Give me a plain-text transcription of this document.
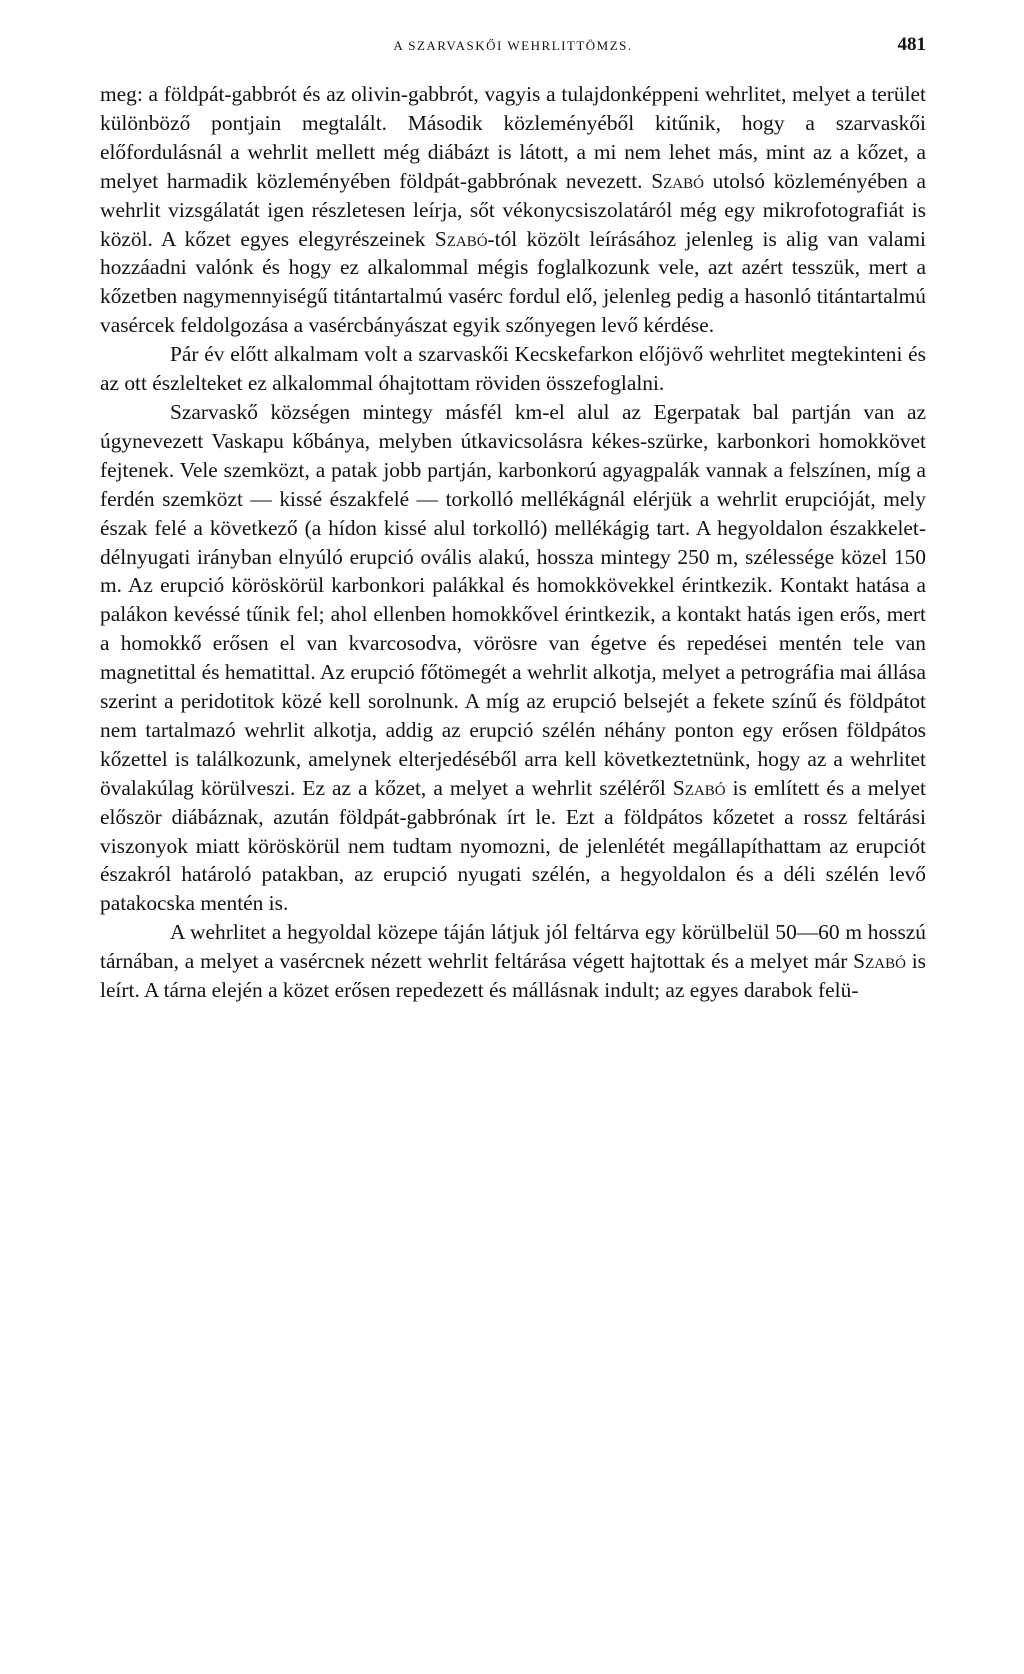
A SZARVASKŐI WEHRLITTÖMZS.	481

meg: a földpát-gabbrót és az olivin-gabbrót, vagyis a tulajdonképpeni wehrlitet, melyet a terület különböző pontjain megtalált. Második közleményéből kitűnik, hogy a szarvaskői előfordulásnál a wehrlit mellett még diábázt is látott, a mi nem lehet más, mint az a kőzet, a melyet harmadik közleményében földpát-gabbrónak nevezett. Szabó utolsó közleményében a wehrlit vizsgálatát igen részletesen leírja, sőt vékonycsiszolatáról még egy mikrofotografiát is közöl. A kőzet egyes elegyrészeinek Szabó-tól közölt leírásához jelenleg is alig van valami hozzáadni valónk és hogy ez alkalommal mégis foglalkozunk vele, azt azért tesszük, mert a kőzetben nagymennyiségű titántartalmú vasérc fordul elő, jelenleg pedig a hasonló titántartalmú vasércek feldolgozása a vasércbányászat egyik szőnyegen levő kérdése.

Pár év előtt alkalmam volt a szarvaskői Kecskefarkon előjövő wehrlitet megtekinteni és az ott észlelteket ez alkalommal óhajtottam röviden összefoglalni.

Szarvaskő községen mintegy másfél km-el alul az Egerpatak bal partján van az úgynevezett Vaskapu kőbánya, melyben útkavicsolásra kékes-szürke, karbonkori homokkövet fejtenek. Vele szemközt, a patak jobb partján, karbonkorú agyagpalák vannak a felszínen, míg a ferdén szemközt — kissé északfelé — torkolló mellékágnál elérjük a wehrlit erupcióját, mely észak felé a következő (a hídon kissé alul torkolló) mellékágig tart. A hegyoldalon északkelet-délnyugati irányban elnyúló erupció ovális alakú, hossza mintegy 250 m, szélessége közel 150 m. Az erupció köröskörül karbonkori palákkal és homokkövekkel érintkezik. Kontakt hatása a palákon kevéssé tűnik fel; ahol ellenben homokkővel érintkezik, a kontakt hatás igen erős, mert a homokkő erősen el van kvarcosodva, vörösre van égetve és repedései mentén tele van magnetittal és hematittal. Az erupció főtömegét a wehrlit alkotja, melyet a petrográfia mai állása szerint a peridotitok közé kell sorolnunk. A míg az erupció belsejét a fekete színű és földpátot nem tartalmazó wehrlit alkotja, addig az erupció szélén néhány ponton egy erősen földpátos kőzettel is találkozunk, amelynek elterjedéséből arra kell következtetnünk, hogy az a wehrlitet övalakúlag körülveszi. Ez az a kőzet, a melyet a wehrlit széléről Szabó is említett és a melyet először diábáznak, azután földpát-gabbrónak írt le. Ezt a földpátos kőzetet a rossz feltárási viszonyok miatt köröskörül nem tudtam nyomozni, de jelenlétét megállapíthattam az erupciót északról határoló patakban, az erupció nyugati szélén, a hegyoldalon és a déli szélén levő patakocska mentén is.

A wehrlitet a hegyoldal közepe táján látjuk jól feltárva egy körülbelül 50—60 m hosszú tárnában, a melyet a vasércnek nézett wehrlit feltárása végett hajtottak és a melyet már Szabó is leírt. A tárna elején a közet erősen repedezett és mállásnak indult; az egyes darabok felü-
